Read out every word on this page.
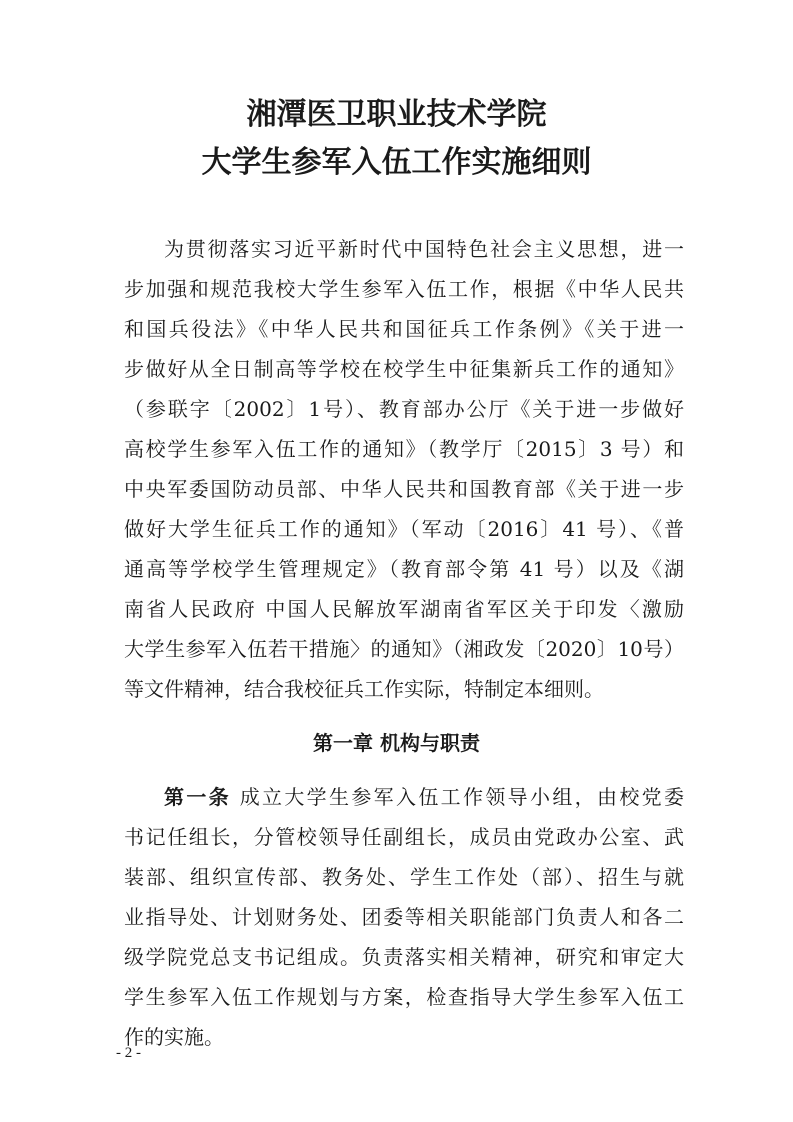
湘潭医卫职业技术学院
大学生参军入伍工作实施细则
为贯彻落实习近平新时代中国特色社会主义思想，进一
步加强和规范我校大学生参军入伍工作，根据《中华人民共
和国兵役法》《中华人民共和国征兵工作条例》《关于进一
步做好从全日制高等学校在校学生中征集新兵工作的通知》
（参联字〔2002〕1号）、教育部办公厅《关于进一步做好
高校学生参军入伍工作的通知》（教学厅〔2015〕3 号）和
中央军委国防动员部、中华人民共和国教育部《关于进一步
做好大学生征兵工作的通知》（军动〔2016〕41 号）、《普
通高等学校学生管理规定》（教育部令第 41 号）以及《湖
南省人民政府 中国人民解放军湖南省军区关于印发〈激励
大学生参军入伍若干措施〉的通知》（湘政发〔2020〕10号）
等文件精神，结合我校征兵工作实际，特制定本细则。
第一章 机构与职责
第一条 成立大学生参军入伍工作领导小组，由校党委
书记任组长，分管校领导任副组长，成员由党政办公室、武
装部、组织宣传部、教务处、学生工作处（部）、招生与就
业指导处、计划财务处、团委等相关职能部门负责人和各二
级学院党总支书记组成。负责落实相关精神，研究和审定大
学生参军入伍工作规划与方案，检查指导大学生参军入伍工
作的实施。
- 2 -
